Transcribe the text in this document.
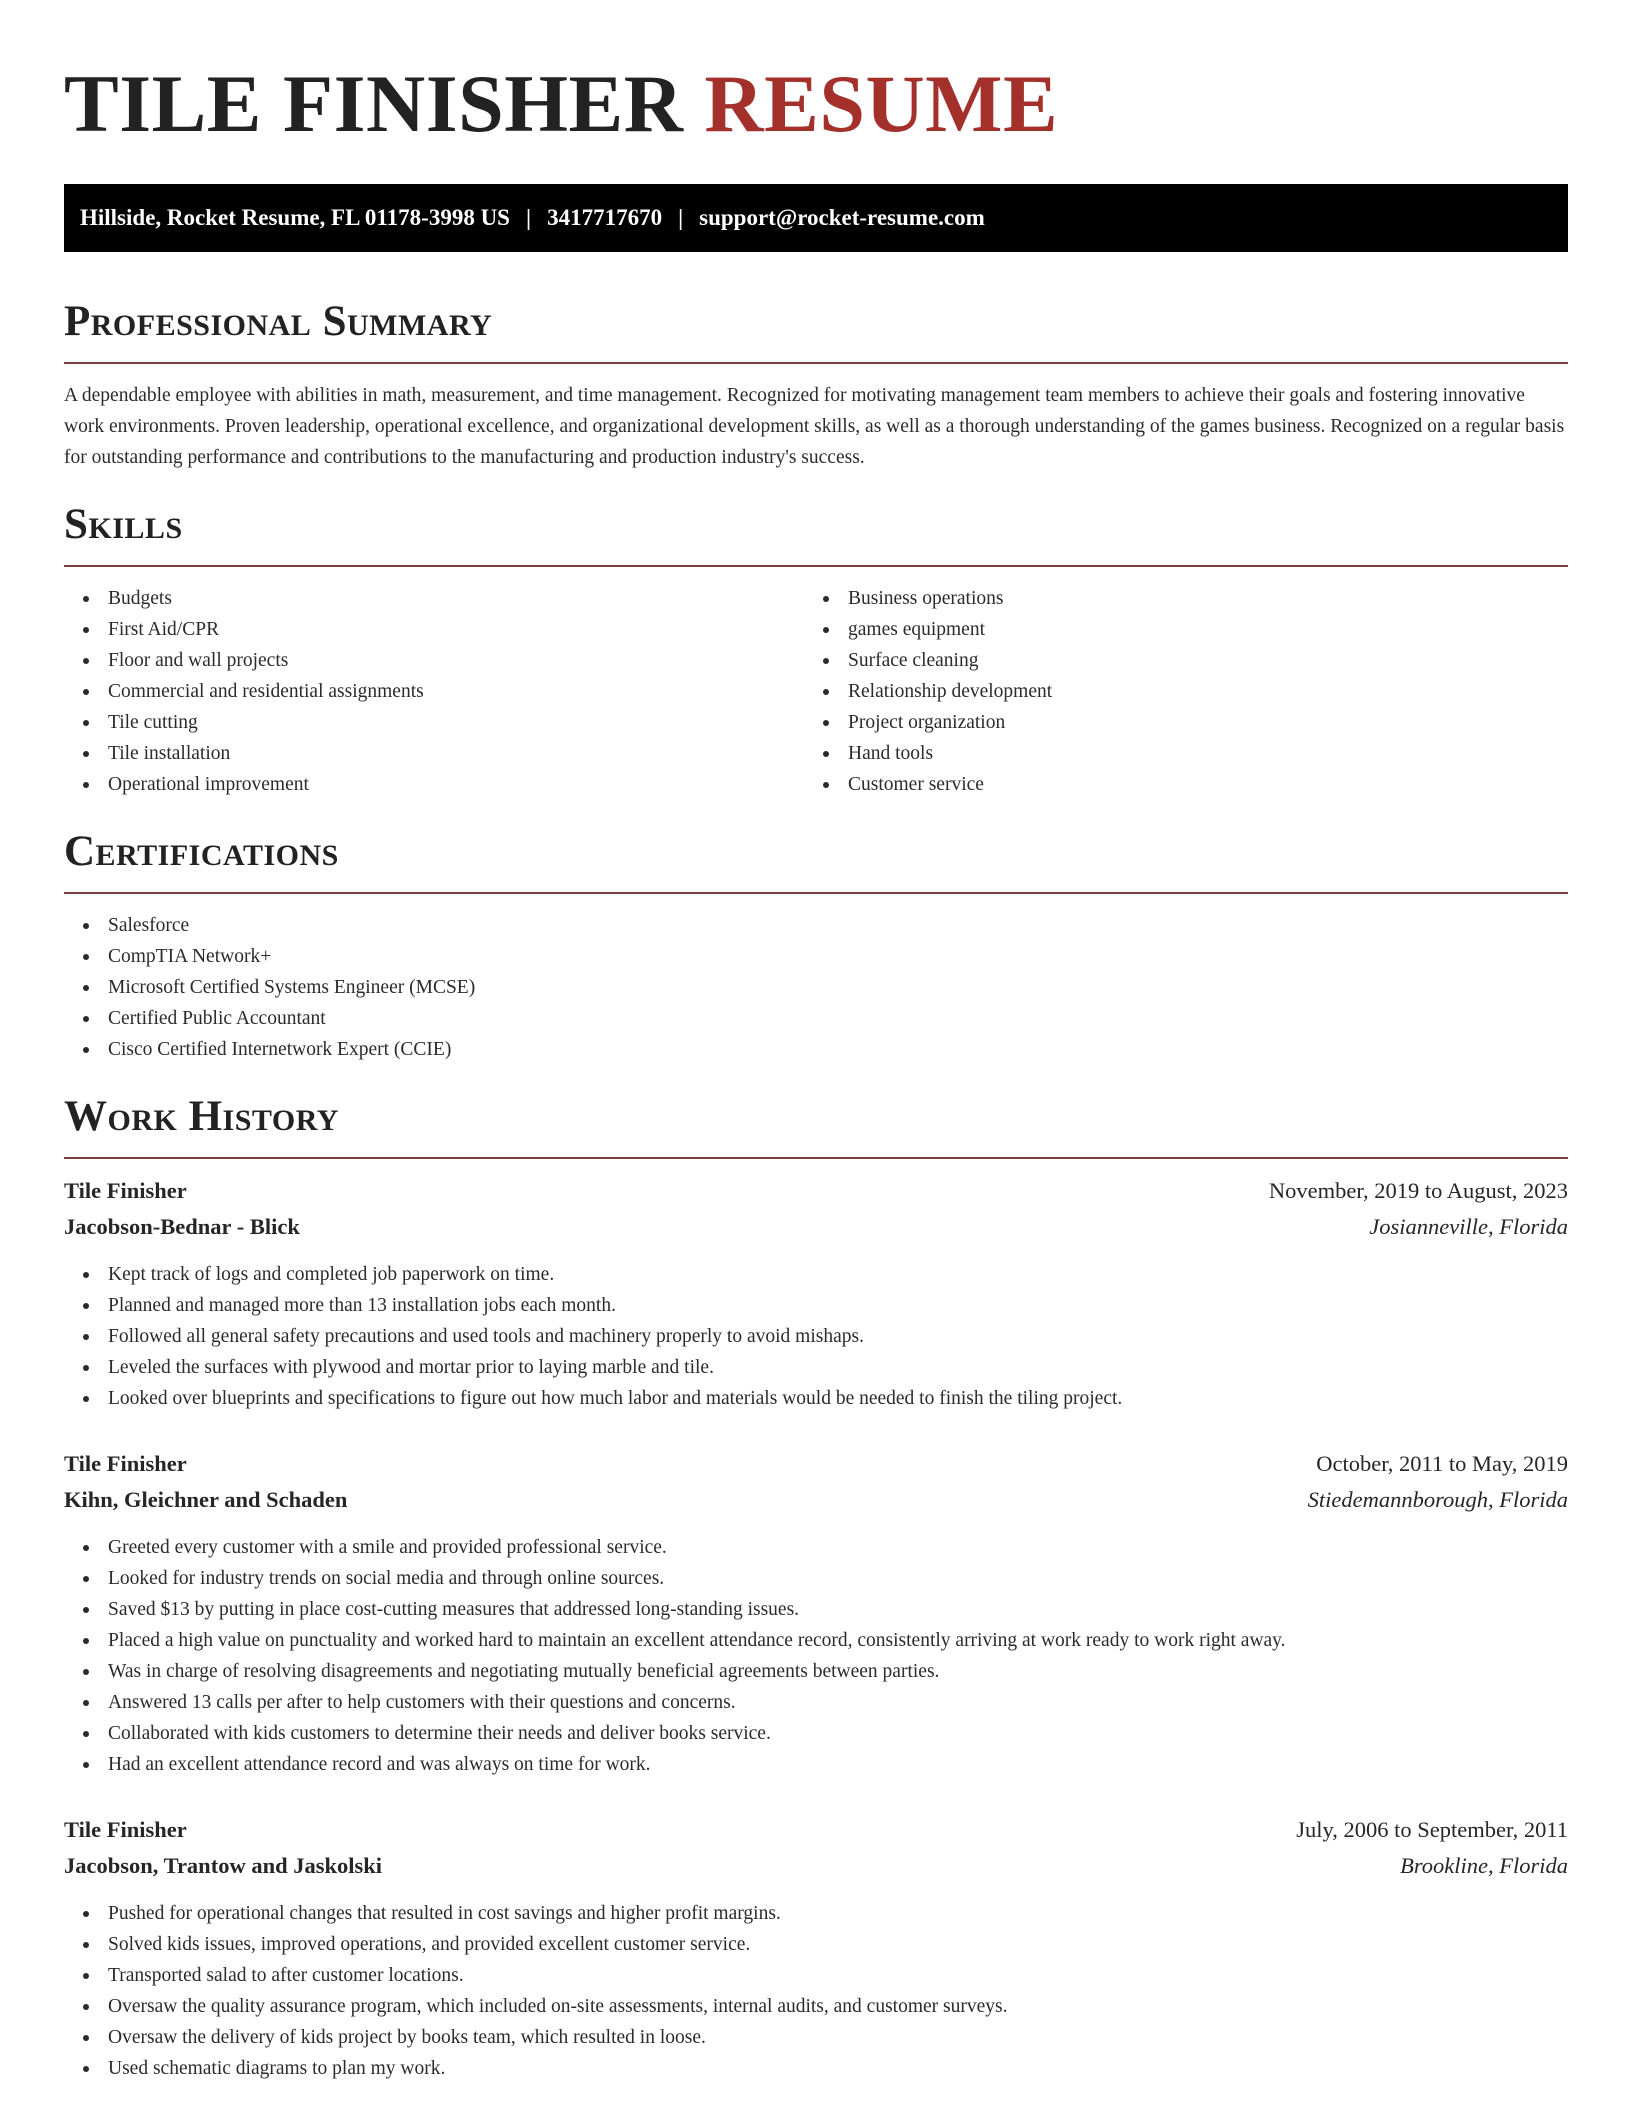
TILE FINISHER RESUME
Hillside, Rocket Resume, FL 01178-3998 US | 3417717670 | support@rocket-resume.com
Professional Summary

A dependable employee with abilities in math, measurement, and time management. Recognized for motivating management team members to achieve their goals and fostering innovative work environments. Proven leadership, operational excellence, and organizational development skills, as well as a thorough understanding of the games business. Recognized on a regular basis for outstanding performance and contributions to the manufacturing and production industry's success.

Skills
Budgets
First Aid/CPR
Floor and wall projects
Commercial and residential assignments
Tile cutting
Tile installation
Operational improvement
Business operations
games equipment
Surface cleaning
Relationship development
Project organization
Hand tools
Customer service
Certifications
Salesforce
CompTIA Network+
Microsoft Certified Systems Engineer (MCSE)
Certified Public Accountant
Cisco Certified Internetwork Expert (CCIE)
Work History
Tile Finisher	November, 2019 to August, 2023
Jacobson-Bednar - Blick	Josianneville, Florida
Kept track of logs and completed job paperwork on time.
Planned and managed more than 13 installation jobs each month.
Followed all general safety precautions and used tools and machinery properly to avoid mishaps.
Leveled the surfaces with plywood and mortar prior to laying marble and tile.
Looked over blueprints and specifications to figure out how much labor and materials would be needed to finish the tiling project.
Tile Finisher	October, 2011 to May, 2019
Kihn, Gleichner and Schaden	Stiedemannborough, Florida
Greeted every customer with a smile and provided professional service.
Looked for industry trends on social media and through online sources.
Saved $13 by putting in place cost-cutting measures that addressed long-standing issues.
Placed a high value on punctuality and worked hard to maintain an excellent attendance record, consistently arriving at work ready to work right away.
Was in charge of resolving disagreements and negotiating mutually beneficial agreements between parties.
Answered 13 calls per after to help customers with their questions and concerns.
Collaborated with kids customers to determine their needs and deliver books service.
Had an excellent attendance record and was always on time for work.
Tile Finisher	July, 2006 to September, 2011
Jacobson, Trantow and Jaskolski	Brookline, Florida
Pushed for operational changes that resulted in cost savings and higher profit margins.
Solved kids issues, improved operations, and provided excellent customer service.
Transported salad to after customer locations.
Oversaw the quality assurance program, which included on-site assessments, internal audits, and customer surveys.
Oversaw the delivery of kids project by books team, which resulted in loose.
Used schematic diagrams to plan my work.
